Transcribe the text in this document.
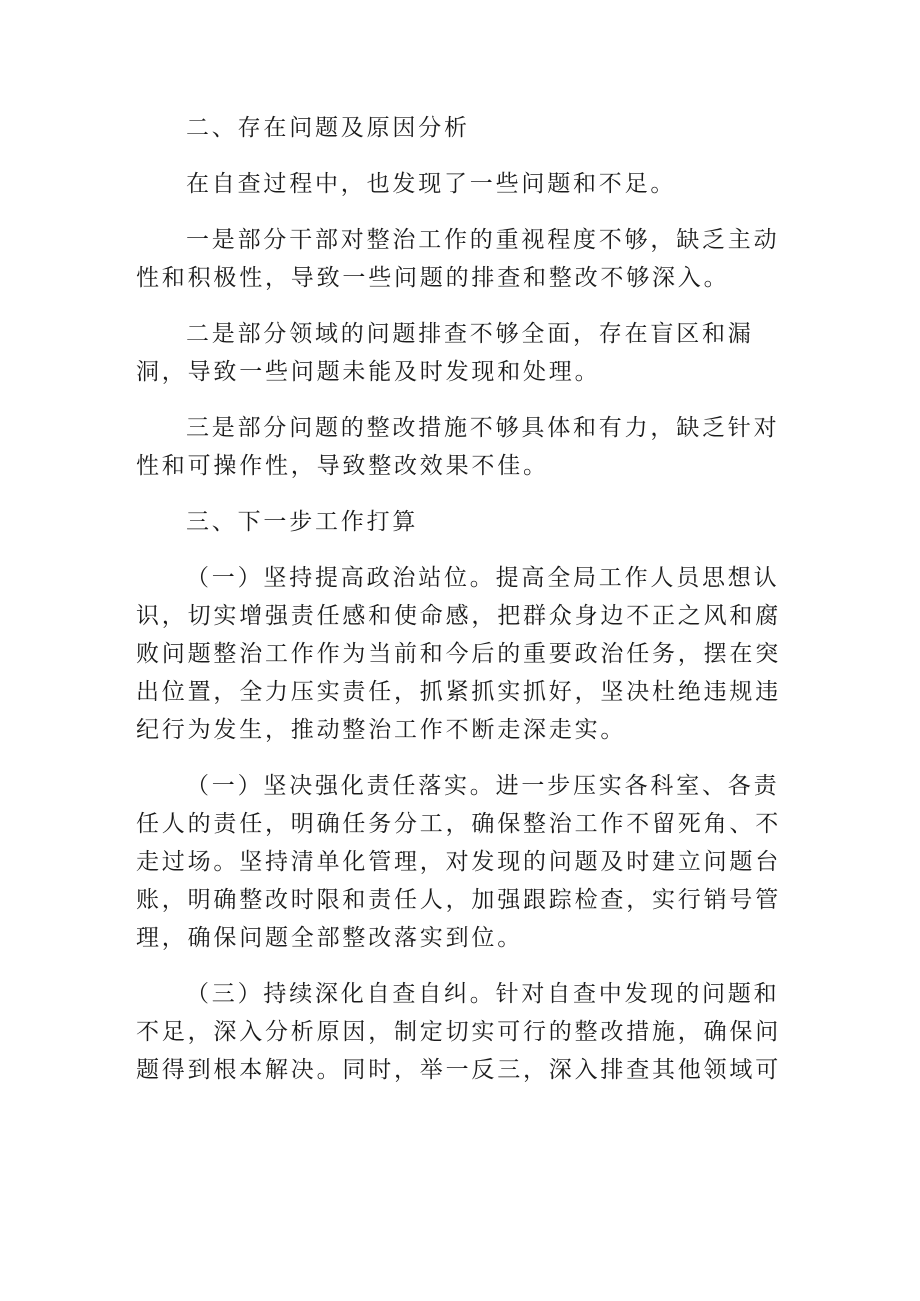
二、存在问题及原因分析

在自查过程中，也发现了一些问题和不足。

一是部分干部对整治工作的重视程度不够，缺乏主动性和积极性，导致一些问题的排查和整改不够深入。

二是部分领域的问题排查不够全面，存在盲区和漏洞，导致一些问题未能及时发现和处理。

三是部分问题的整改措施不够具体和有力，缺乏针对性和可操作性，导致整改效果不佳。

三、下一步工作打算

（一）坚持提高政治站位。提高全局工作人员思想认识，切实增强责任感和使命感，把群众身边不正之风和腐败问题整治工作作为当前和今后的重要政治任务，摆在突出位置，全力压实责任，抓紧抓实抓好，坚决杜绝违规违纪行为发生，推动整治工作不断走深走实。

（一）坚决强化责任落实。进一步压实各科室、各责任人的责任，明确任务分工，确保整治工作不留死角、不走过场。坚持清单化管理，对发现的问题及时建立问题台账，明确整改时限和责任人，加强跟踪检查，实行销号管理，确保问题全部整改落实到位。

（三）持续深化自查自纠。针对自查中发现的问题和不足，深入分析原因，制定切实可行的整改措施，确保问题得到根本解决。同时，举一反三，深入排查其他领域可
